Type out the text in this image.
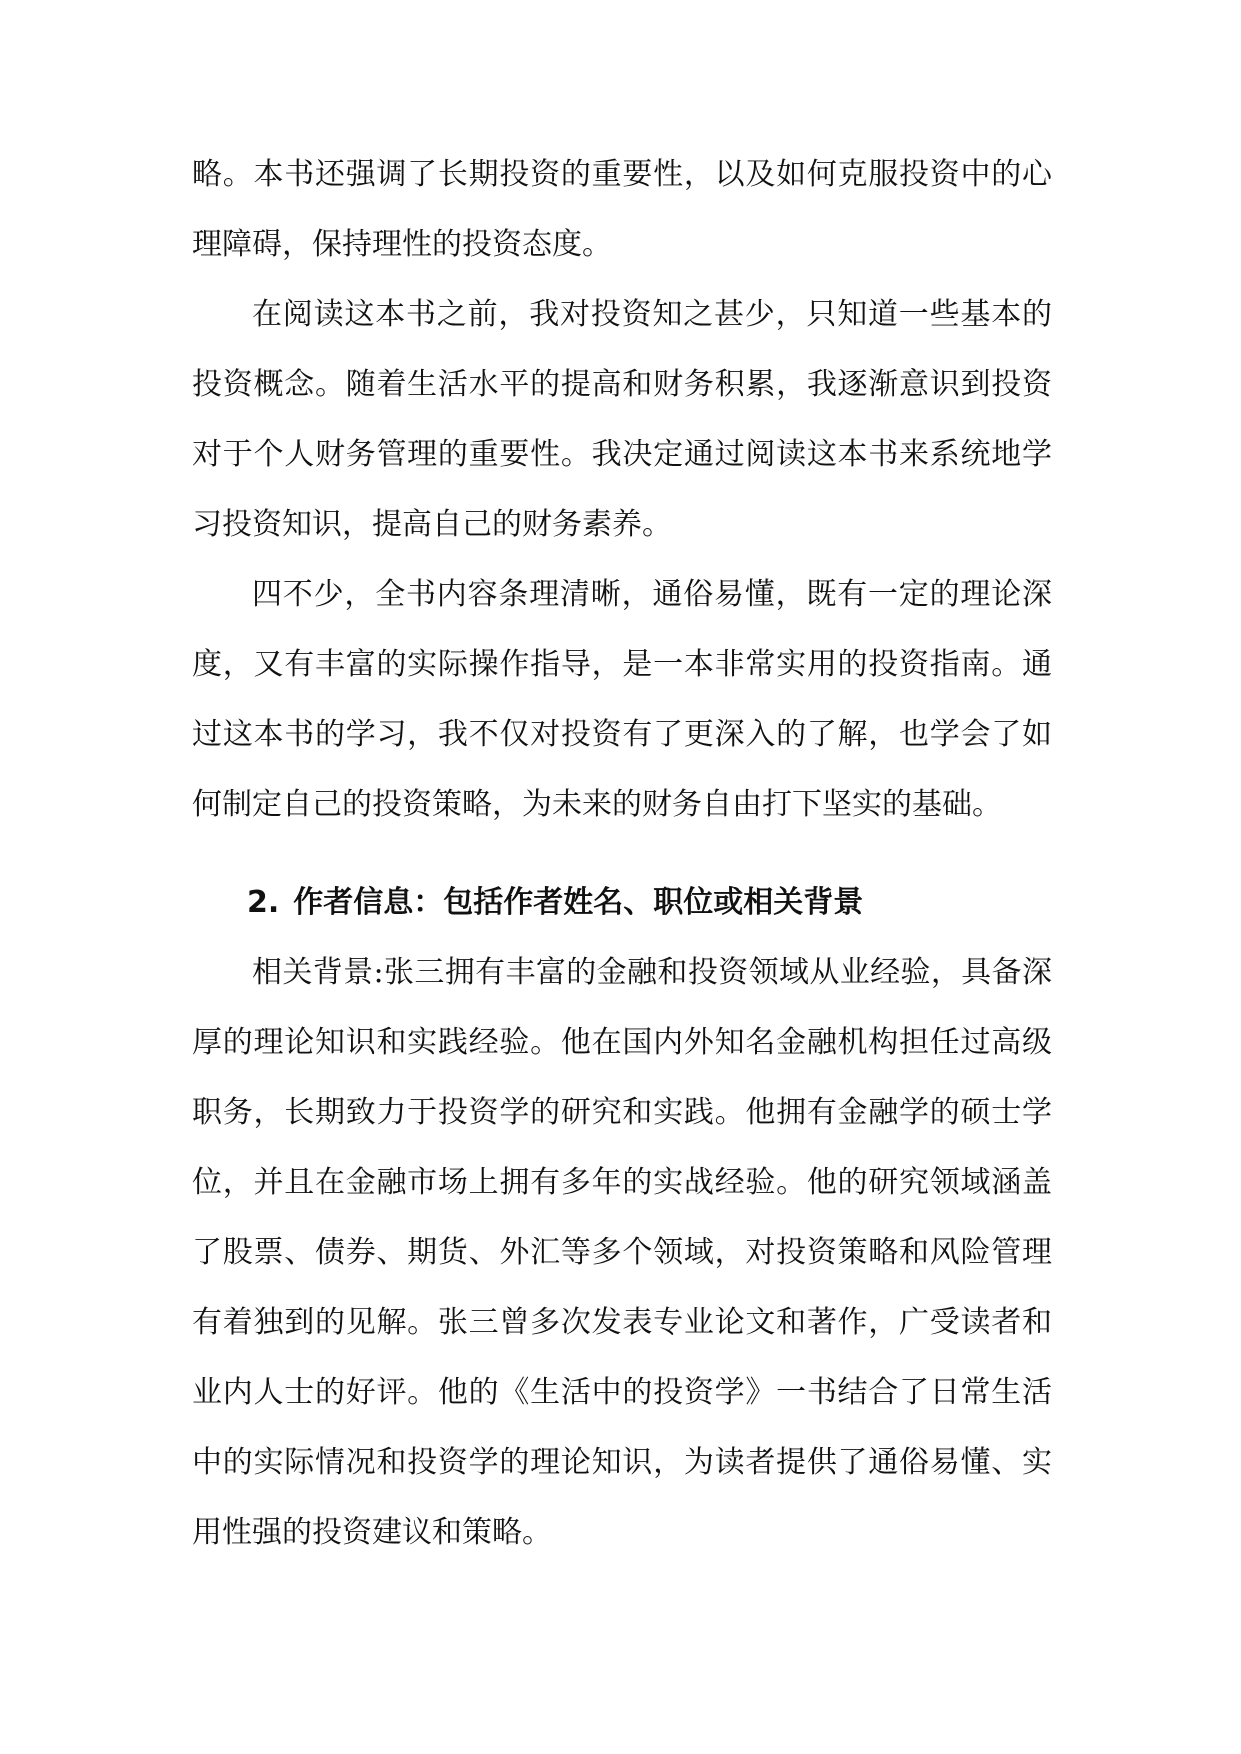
略。本书还强调了长期投资的重要性，以及如何克服投资中的心理障碍，保持理性的投资态度。

在阅读这本书之前，我对投资知之甚少，只知道一些基本的投资概念。随着生活水平的提高和财务积累，我逐渐意识到投资对于个人财务管理的重要性。我决定通过阅读这本书来系统地学习投资知识，提高自己的财务素养。

四不少，全书内容条理清晰，通俗易懂，既有一定的理论深度，又有丰富的实际操作指导，是一本非常实用的投资指南。通过这本书的学习，我不仅对投资有了更深入的了解，也学会了如何制定自己的投资策略，为未来的财务自由打下坚实的基础。

2. 作者信息：包括作者姓名、职位或相关背景

相关背景:张三拥有丰富的金融和投资领域从业经验，具备深厚的理论知识和实践经验。他在国内外知名金融机构担任过高级职务，长期致力于投资学的研究和实践。他拥有金融学的硕士学位，并且在金融市场上拥有多年的实战经验。他的研究领域涵盖了股票、债券、期货、外汇等多个领域，对投资策略和风险管理有着独到的见解。张三曾多次发表专业论文和著作，广受读者和业内人士的好评。他的《生活中的投资学》一书结合了日常生活中的实际情况和投资学的理论知识，为读者提供了通俗易懂、实用性强的投资建议和策略。
